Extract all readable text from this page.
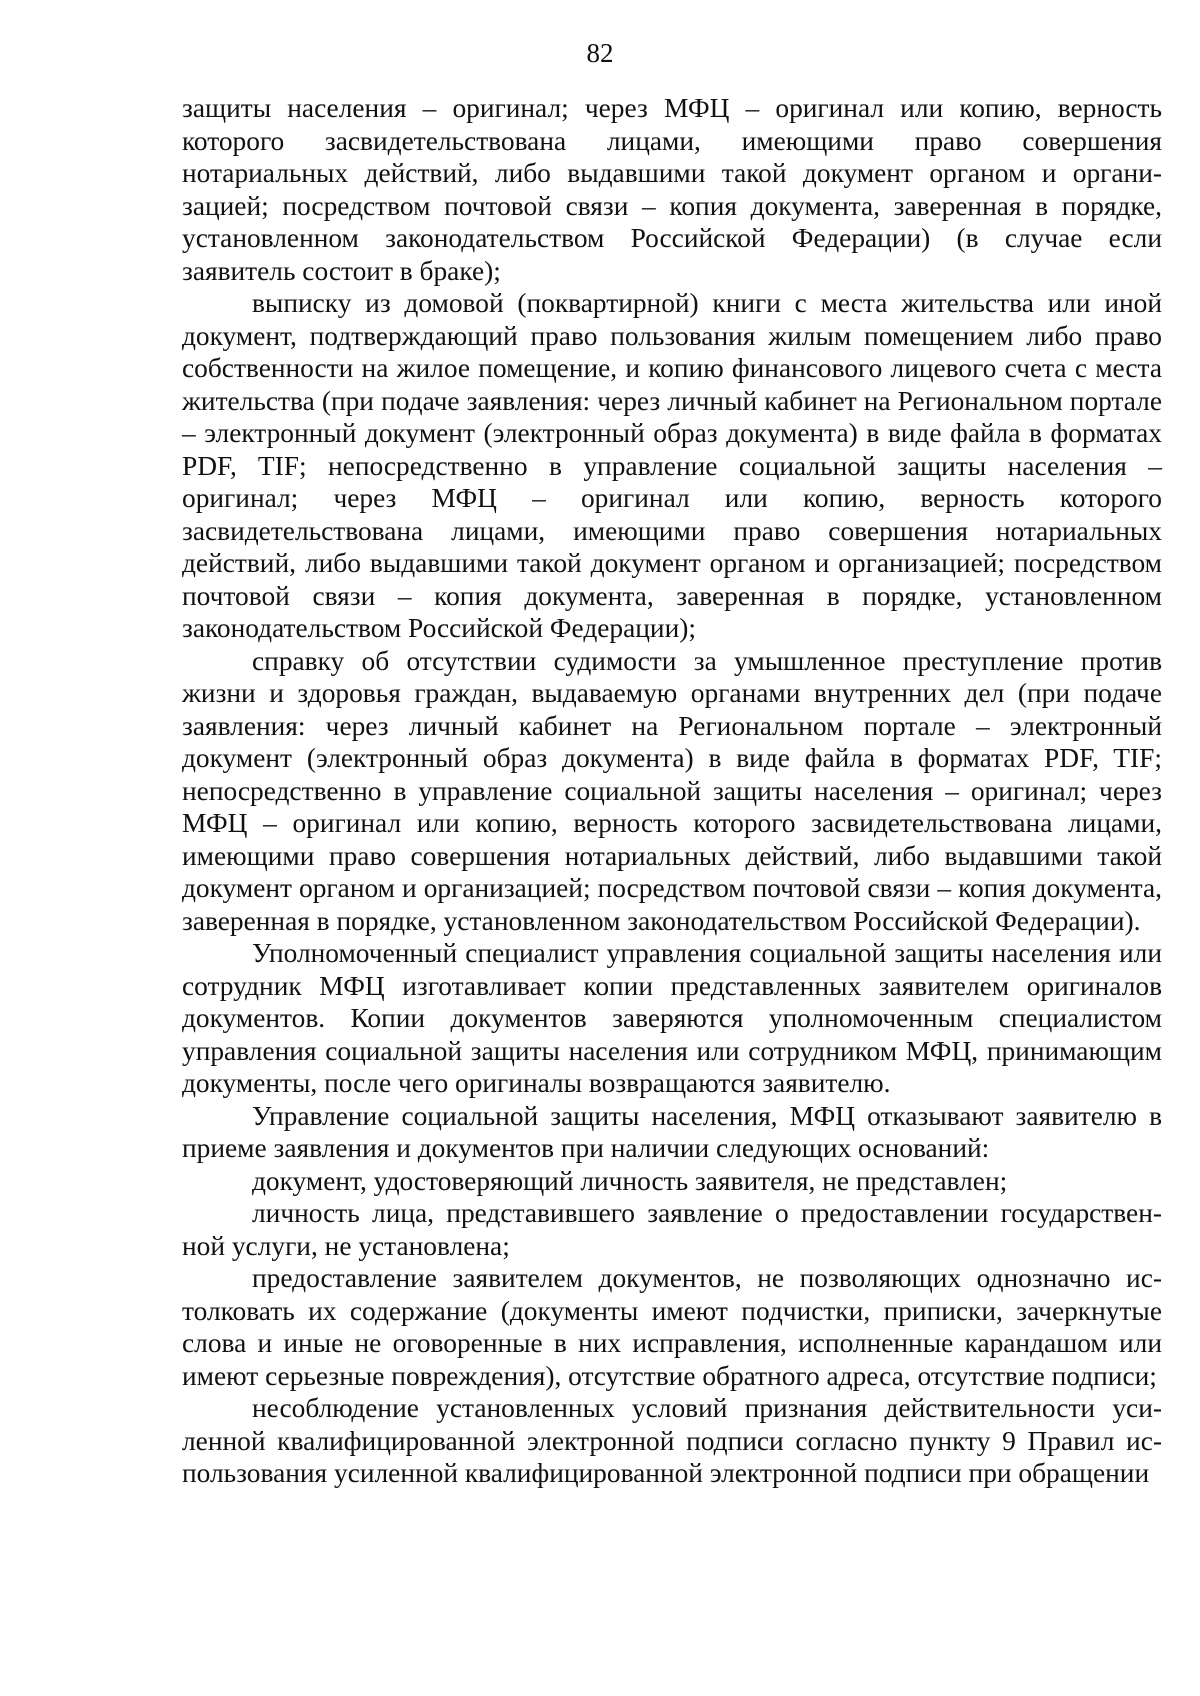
82

защиты населения – оригинал; через МФЦ – оригинал или копию, верность которого засвидетельствована лицами, имеющими право совершения нотариальных действий, либо выдавшими такой документ органом и организацией; посредством почтовой связи – копия документа, заверенная в порядке, установленном законодательством Российской Федерации) (в случае если заявитель состоит в браке);

выписку из домовой (поквартирной) книги с места жительства или иной документ, подтверждающий право пользования жилым помещением либо право собственности на жилое помещение, и копию финансового лицевого счета с места жительства (при подаче заявления: через личный кабинет на Региональном портале – электронный документ (электронный образ документа) в виде файла в форматах PDF, TIF; непосредственно в управление социальной защиты населения – оригинал; через МФЦ – оригинал или копию, верность которого засвидетельствована лицами, имеющими право совершения нотариальных действий, либо выдавшими такой документ органом и организацией; посредством почтовой связи – копия документа, заверенная в порядке, установленном законодательством Российской Федерации);

справку об отсутствии судимости за умышленное преступление против жизни и здоровья граждан, выдаваемую органами внутренних дел (при подаче заявления: через личный кабинет на Региональном портале – электронный документ (электронный образ документа) в виде файла в форматах PDF, TIF; непосредственно в управление социальной защиты населения – оригинал; через МФЦ – оригинал или копию, верность которого засвидетельствована лицами, имеющими право совершения нотариальных действий, либо выдавшими такой документ органом и организацией; посредством почтовой связи – копия документа, заверенная в порядке, установленном законодательством Российской Федерации).

Уполномоченный специалист управления социальной защиты населения или сотрудник МФЦ изготавливает копии представленных заявителем оригиналов документов. Копии документов заверяются уполномоченным специалистом управления социальной защиты населения или сотрудником МФЦ, принимающим документы, после чего оригиналы возвращаются заявителю.

Управление социальной защиты населения, МФЦ отказывают заявителю в приеме заявления и документов при наличии следующих оснований:

документ, удостоверяющий личность заявителя, не представлен;

личность лица, представившего заявление о предоставлении государственной услуги, не установлена;

предоставление заявителем документов, не позволяющих однозначно истолковать их содержание (документы имеют подчистки, приписки, зачеркнутые слова и иные не оговоренные в них исправления, исполненные карандашом или имеют серьезные повреждения), отсутствие обратного адреса, отсутствие подписи;

несоблюдение установленных условий признания действительности усиленной квалифицированной электронной подписи согласно пункту 9 Правил использования усиленной квалифицированной электронной подписи при обращении
